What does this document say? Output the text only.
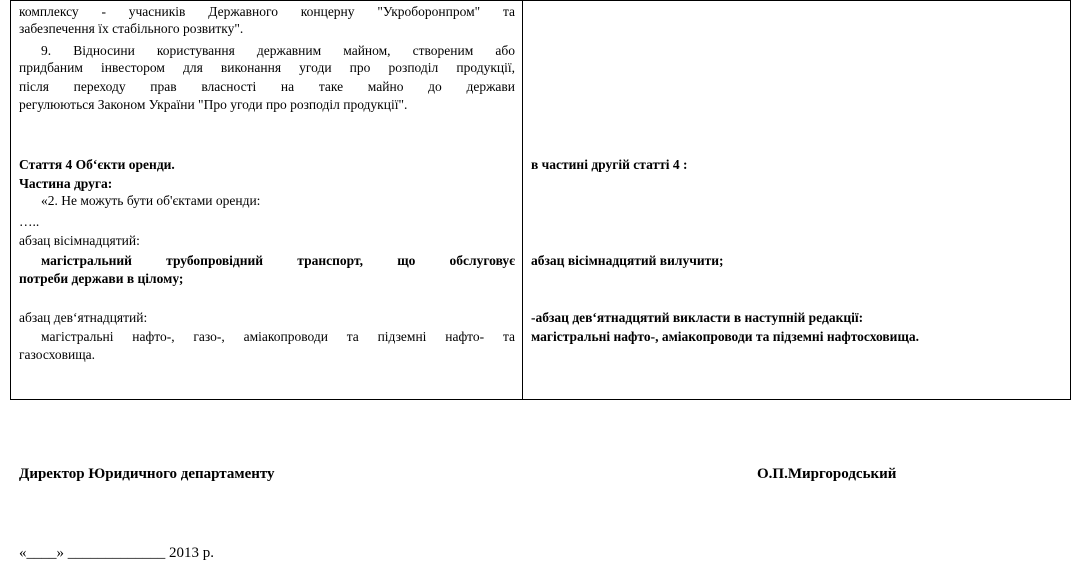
комплексу - учасників Державного концерну "Укроборонпром" та
забезпечення їх стабільного розвитку".
9. Відносини користування державним майном, створеним або
придбаним інвестором для виконання угоди про розподіл продукції,
після переходу прав власності на таке майно до держави
регулюються Законом України "Про угоди про розподіл продукції".
Стаття 4 Об‘єкти оренди.
Частина друга:
«2. Не можуть бути об'єктами оренди:
…..
абзац вісімнадцятий:
магістральний трубопровідний транспорт, що обслуговує
потреби держави в цілому;
абзац дев‘ятнадцятий:
магістральні нафто-, газо-, аміакопроводи та підземні нафто- та
газосховища.
в частині другій статті 4 :
абзац вісімнадцятий вилучити;
-абзац дев‘ятнадцятий викласти в наступній редакції:
магістральні нафто-, аміакопроводи та підземні нафтосховища.
Директор Юридичного департаменту	О.П.Миргородський
«____» _____________ 2013 р.
